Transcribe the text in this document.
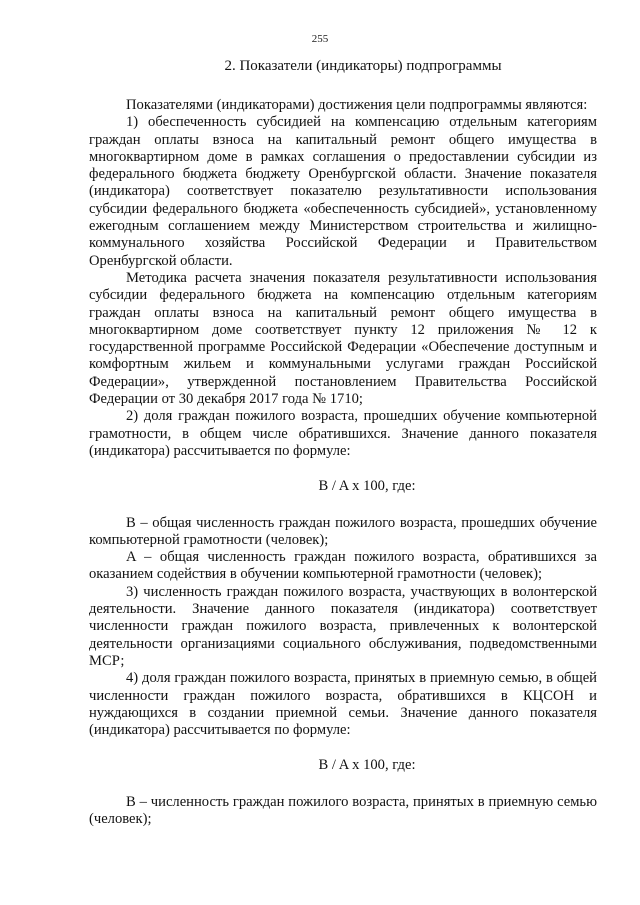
255
2. Показатели (индикаторы) подпрограммы

Показателями (индикаторами) достижения цели подпрограммы являются:

1) обеспеченность субсидией на компенсацию отдельным категориям граждан оплаты взноса на капитальный ремонт общего имущества в многоквартирном доме в рамках соглашения о предоставлении субсидии из федерального бюджета бюджету Оренбургской области. Значение показателя (индикатора) соответствует показателю результативности использования субсидии федерального бюджета «обеспеченность субсидией», установленному ежегодным соглашением между Министерством строительства и жилищно-коммунального хозяйства Российской Федерации и Правительством Оренбургской области.

Методика расчета значения показателя результативности использования субсидии федерального бюджета на компенсацию отдельным категориям граждан оплаты взноса на капитальный ремонт общего имущества в многоквартирном доме соответствует пункту 12 приложения № 12 к государственной программе Российской Федерации «Обеспечение доступным и комфортным жильем и коммунальными услугами граждан Российской Федерации», утвержденной постановлением Правительства Российской Федерации от 30 декабря 2017 года № 1710;

2) доля граждан пожилого возраста, прошедших обучение компьютерной грамотности, в общем числе обратившихся. Значение данного показателя (индикатора) рассчитывается по формуле:

B / A x 100, где:

B – общая численность граждан пожилого возраста, прошедших обучение компьютерной грамотности (человек);

A – общая численность граждан пожилого возраста, обратившихся за оказанием содействия в обучении компьютерной грамотности (человек);

3) численность граждан пожилого возраста, участвующих в волонтерской деятельности. Значение данного показателя (индикатора) соответствует численности граждан пожилого возраста, привлеченных к волонтерской деятельности организациями социального обслуживания, подведомственными МСР;

4) доля граждан пожилого возраста, принятых в приемную семью, в общей численности граждан пожилого возраста, обратившихся в КЦСОН и нуждающихся в создании приемной семьи. Значение данного показателя (индикатора) рассчитывается по формуле:

B / A x 100, где:

B – численность граждан пожилого возраста, принятых в приемную семью (человек);
